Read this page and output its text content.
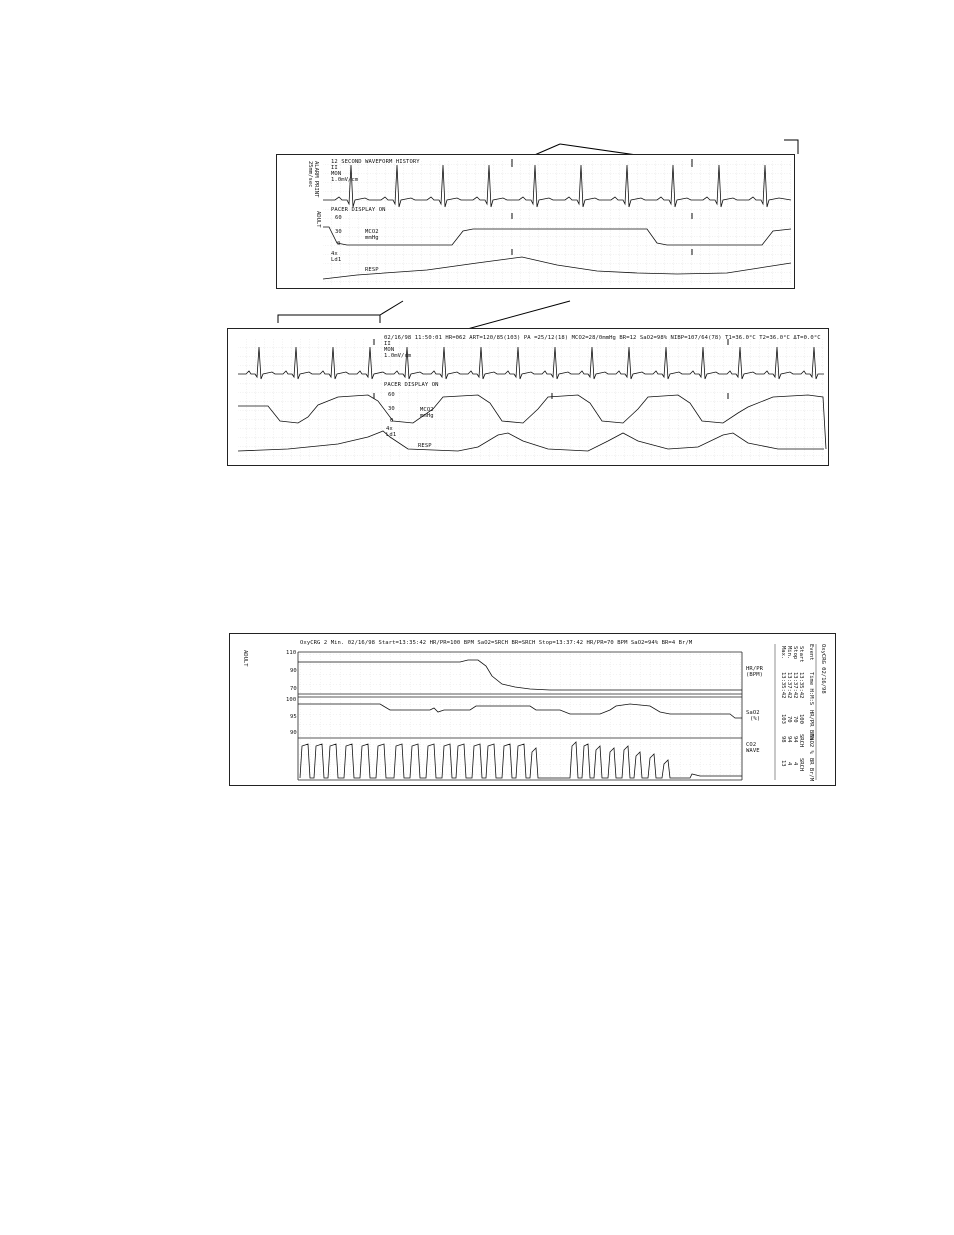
ALARM PRINT
25mm/sec
ADULT
12 SECOND WAVEFORM HISTORY
II
MON
1.0mV/cm
PACER DISPLAY ON
60
30
0
MCO2
mmHg
4x
Ld1
RESP
02/16/98 11:50:01 HR=062 ART=120/85(103) PA =25/12(18) MCO2=28/0mmHg BR=12 SaO2=98% NIBP=107/64(78) T1=36.0°C T2=36.0°C ΔT=0.0°C
II
MON
1.0mV/cm
PACER DISPLAY ON
60
30
0
MCO2
mmHg
4x
Ld1
RESP
OxyCRG 2 Min. 02/16/98 Start=13:35:42 HR/PR=100 BPM SaO2=SRCH BR=SRCH Stop=13:37:42 HR/PR=70 BPM SaO2=94% BR=4 Br/M
ADULT	110
90
70
HR/PR
(BPM)
100
95
90
SaO2
(%)
CO2
WAVE
OxyCRG 02/16/98
Event
Time H:M:S
HR/PR BPM
SaO2 %
BR Br/M
Start
13:35:42
100
SRCH
SRCH
Stop
13:37:42
70
94
4
Min.
13:37:42
70
94
4
Max.
13:35:42
103
98
13
